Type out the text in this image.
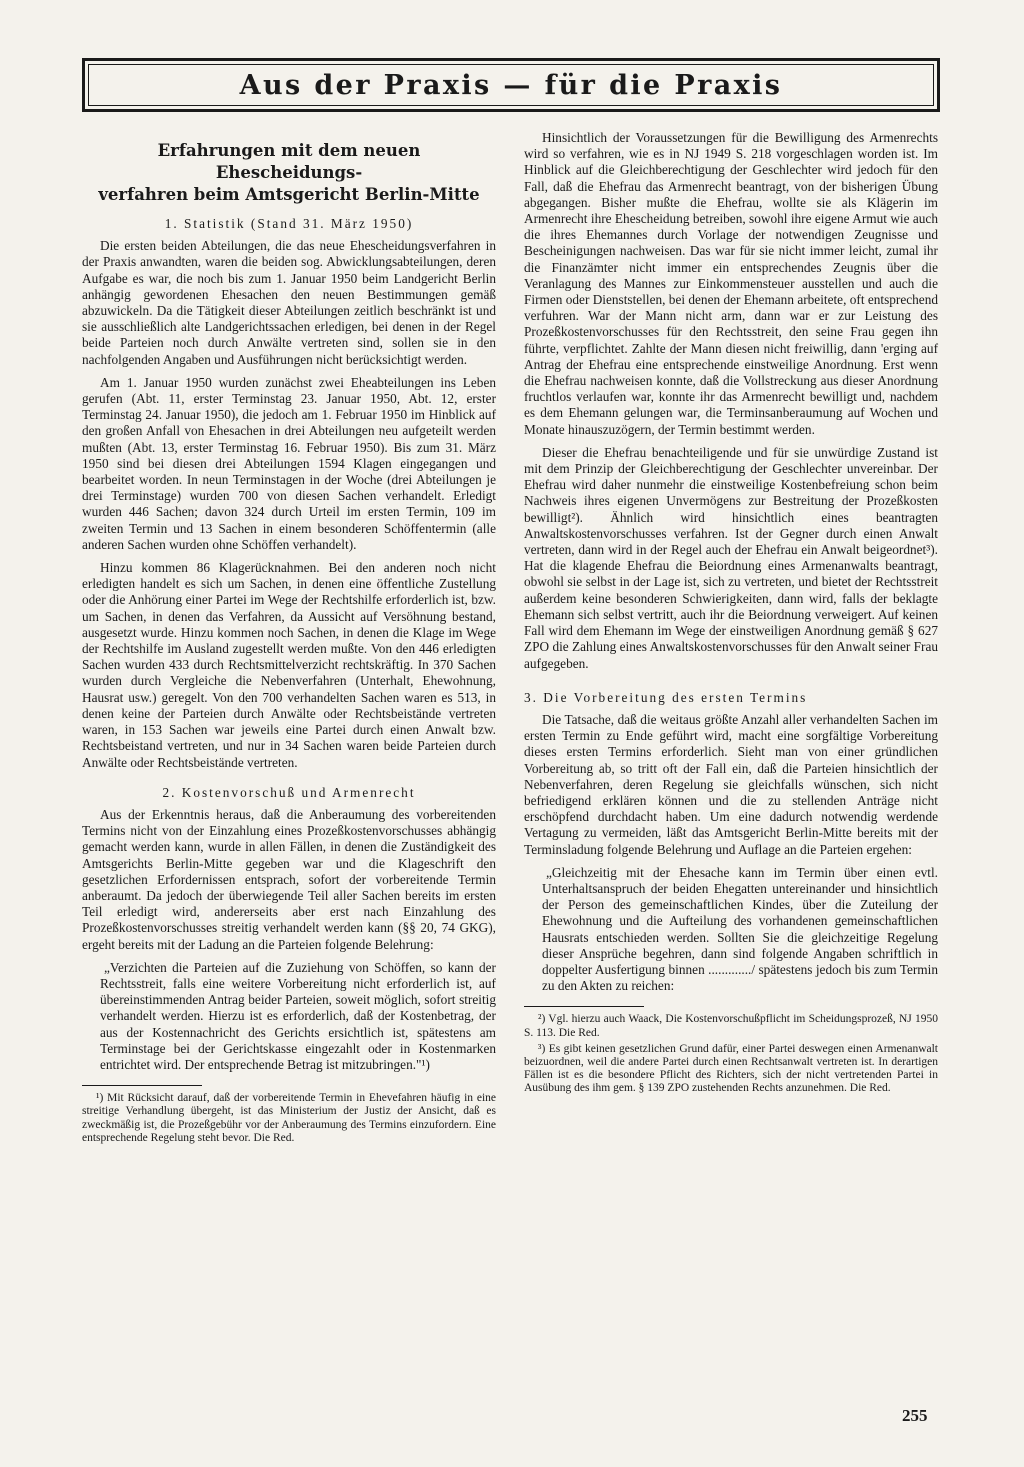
Aus der Praxis — für die Praxis
Erfahrungen mit dem neuen Ehescheidungs-
verfahren beim Amtsgericht Berlin-Mitte
1. Statistik (Stand 31. März 1950)

Die ersten beiden Abteilungen, die das neue Ehescheidungsverfahren in der Praxis anwandten, waren die beiden sog. Abwicklungsabteilungen, deren Aufgabe es war, die noch bis zum 1. Januar 1950 beim Landgericht Berlin anhängig gewordenen Ehesachen den neuen Bestimmungen gemäß abzuwickeln. Da die Tätigkeit dieser Abteilungen zeitlich beschränkt ist und sie ausschließlich alte Landgerichtssachen erledigen, bei denen in der Regel beide Parteien noch durch Anwälte vertreten sind, sollen sie in den nachfolgenden Angaben und Ausführungen nicht berücksichtigt werden.

Am 1. Januar 1950 wurden zunächst zwei Eheabteilungen ins Leben gerufen (Abt. 11, erster Terminstag 23. Januar 1950, Abt. 12, erster Terminstag 24. Januar 1950), die jedoch am 1. Februar 1950 im Hinblick auf den großen Anfall von Ehesachen in drei Abteilungen neu aufgeteilt werden mußten (Abt. 13, erster Terminstag 16. Februar 1950). Bis zum 31. März 1950 sind bei diesen drei Abteilungen 1594 Klagen eingegangen und bearbeitet worden. In neun Terminstagen in der Woche (drei Abteilungen je drei Terminstage) wurden 700 von diesen Sachen verhandelt. Erledigt wurden 446 Sachen; davon 324 durch Urteil im ersten Termin, 109 im zweiten Termin und 13 Sachen in einem besonderen Schöffentermin (alle anderen Sachen wurden ohne Schöffen verhandelt).

Hinzu kommen 86 Klagerücknahmen. Bei den anderen noch nicht erledigten handelt es sich um Sachen, in denen eine öffentliche Zustellung oder die Anhörung einer Partei im Wege der Rechtshilfe erforderlich ist, bzw. um Sachen, in denen das Verfahren, da Aussicht auf Versöhnung bestand, ausgesetzt wurde. Hinzu kommen noch Sachen, in denen die Klage im Wege der Rechtshilfe im Ausland zugestellt werden mußte. Von den 446 erledigten Sachen wurden 433 durch Rechtsmittelverzicht rechtskräftig. In 370 Sachen wurden durch Vergleiche die Nebenverfahren (Unterhalt, Ehewohnung, Hausrat usw.) geregelt. Von den 700 verhandelten Sachen waren es 513, in denen keine der Parteien durch Anwälte oder Rechtsbeistände vertreten waren, in 153 Sachen war jeweils eine Partei durch einen Anwalt bzw. Rechtsbeistand vertreten, und nur in 34 Sachen waren beide Parteien durch Anwälte oder Rechtsbeistände vertreten.

2. Kostenvorschuß und Armenrecht

Aus der Erkenntnis heraus, daß die Anberaumung des vorbereitenden Termins nicht von der Einzahlung eines Prozeßkostenvorschusses abhängig gemacht werden kann, wurde in allen Fällen, in denen die Zuständigkeit des Amtsgerichts Berlin-Mitte gegeben war und die Klageschrift den gesetzlichen Erfordernissen entsprach, sofort der vorbereitende Termin anberaumt. Da jedoch der überwiegende Teil aller Sachen bereits im ersten Teil erledigt wird, andererseits aber erst nach Einzahlung des Prozeßkostenvorschusses streitig verhandelt werden kann (§§ 20, 74 GKG), ergeht bereits mit der Ladung an die Parteien folgende Belehrung:

„Verzichten die Parteien auf die Zuziehung von Schöffen, so kann der Rechtsstreit, falls eine weitere Vorbereitung nicht erforderlich ist, auf übereinstimmenden Antrag beider Parteien, soweit möglich, sofort streitig verhandelt werden. Hierzu ist es erforderlich, daß der Kostenbetrag, der aus der Kostennachricht des Gerichts ersichtlich ist, spätestens am Terminstage bei der Gerichtskasse eingezahlt oder in Kostenmarken entrichtet wird. Der entsprechende Betrag ist mitzubringen."¹)

¹) Mit Rücksicht darauf, daß der vorbereitende Termin in Ehevefahren häufig in eine streitige Verhandlung übergeht, ist das Ministerium der Justiz der Ansicht, daß es zweckmäßig ist, die Prozeßgebühr vor der Anberaumung des Termins einzufordern. Eine entsprechende Regelung steht bevor. Die Red.

Hinsichtlich der Voraussetzungen für die Bewilligung des Armenrechts wird so verfahren, wie es in NJ 1949 S. 218 vorgeschlagen worden ist. Im Hinblick auf die Gleichberechtigung der Geschlechter wird jedoch für den Fall, daß die Ehefrau das Armenrecht beantragt, von der bisherigen Übung abgegangen. Bisher mußte die Ehefrau, wollte sie als Klägerin im Armenrecht ihre Ehescheidung betreiben, sowohl ihre eigene Armut wie auch die ihres Ehemannes durch Vorlage der notwendigen Zeugnisse und Bescheinigungen nachweisen. Das war für sie nicht immer leicht, zumal ihr die Finanzämter nicht immer ein entsprechendes Zeugnis über die Veranlagung des Mannes zur Einkommensteuer ausstellen und auch die Firmen oder Dienststellen, bei denen der Ehemann arbeitete, oft entsprechend verfuhren. War der Mann nicht arm, dann war er zur Leistung des Prozeßkostenvorschusses für den Rechtsstreit, den seine Frau gegen ihn führte, verpflichtet. Zahlte der Mann diesen nicht freiwillig, dann 'erging auf Antrag der Ehefrau eine entsprechende einstweilige Anordnung. Erst wenn die Ehefrau nachweisen konnte, daß die Vollstreckung aus dieser Anordnung fruchtlos verlaufen war, konnte ihr das Armenrecht bewilligt und, nachdem es dem Ehemann gelungen war, die Terminsanberaumung auf Wochen und Monate hinauszuzögern, der Termin bestimmt werden.

Dieser die Ehefrau benachteiligende und für sie unwürdige Zustand ist mit dem Prinzip der Gleichberechtigung der Geschlechter unvereinbar. Der Ehefrau wird daher nunmehr die einstweilige Kostenbefreiung schon beim Nachweis ihres eigenen Unvermögens zur Bestreitung der Prozeßkosten bewilligt²). Ähnlich wird hinsichtlich eines beantragten Anwaltskostenvorschusses verfahren. Ist der Gegner durch einen Anwalt vertreten, dann wird in der Regel auch der Ehefrau ein Anwalt beigeordnet³). Hat die klagende Ehefrau die Beiordnung eines Armenanwalts beantragt, obwohl sie selbst in der Lage ist, sich zu vertreten, und bietet der Rechtsstreit außerdem keine besonderen Schwierigkeiten, dann wird, falls der beklagte Ehemann sich selbst vertritt, auch ihr die Beiordnung verweigert. Auf keinen Fall wird dem Ehemann im Wege der einstweiligen Anordnung gemäß § 627 ZPO die Zahlung eines Anwaltskostenvorschusses für den Anwalt seiner Frau aufgegeben.

3. Die Vorbereitung des ersten Termins

Die Tatsache, daß die weitaus größte Anzahl aller verhandelten Sachen im ersten Termin zu Ende geführt wird, macht eine sorgfältige Vorbereitung dieses ersten Termins erforderlich. Sieht man von einer gründlichen Vorbereitung ab, so tritt oft der Fall ein, daß die Parteien hinsichtlich der Nebenverfahren, deren Regelung sie gleichfalls wünschen, sich nicht befriedigend erklären können und die zu stellenden Anträge nicht erschöpfend durchdacht haben. Um eine dadurch notwendig werdende Vertagung zu vermeiden, läßt das Amtsgericht Berlin-Mitte bereits mit der Terminsladung folgende Belehrung und Auflage an die Parteien ergehen:

„Gleichzeitig mit der Ehesache kann im Termin über einen evtl. Unterhaltsanspruch der beiden Ehegatten untereinander und hinsichtlich der Person des gemeinschaftlichen Kindes, über die Zuteilung der Ehewohnung und die Aufteilung des vorhandenen gemeinschaftlichen Hausrats entschieden werden. Sollten Sie die gleichzeitige Regelung dieser Ansprüche begehren, dann sind folgende Angaben schriftlich in doppelter Ausfertigung binnen ............./ spätestens jedoch bis zum Termin zu den Akten zu reichen:

²) Vgl. hierzu auch Waack, Die Kostenvorschußpflicht im Scheidungsprozeß, NJ 1950 S. 113. Die Red.

³) Es gibt keinen gesetzlichen Grund dafür, einer Partei deswegen einen Armenanwalt beizuordnen, weil die andere Partei durch einen Rechtsanwalt vertreten ist. In derartigen Fällen ist es die besondere Pflicht des Richters, sich der nicht vertretenden Partei in Ausübung des ihm gem. § 139 ZPO zustehenden Rechts anzunehmen. Die Red.

255
